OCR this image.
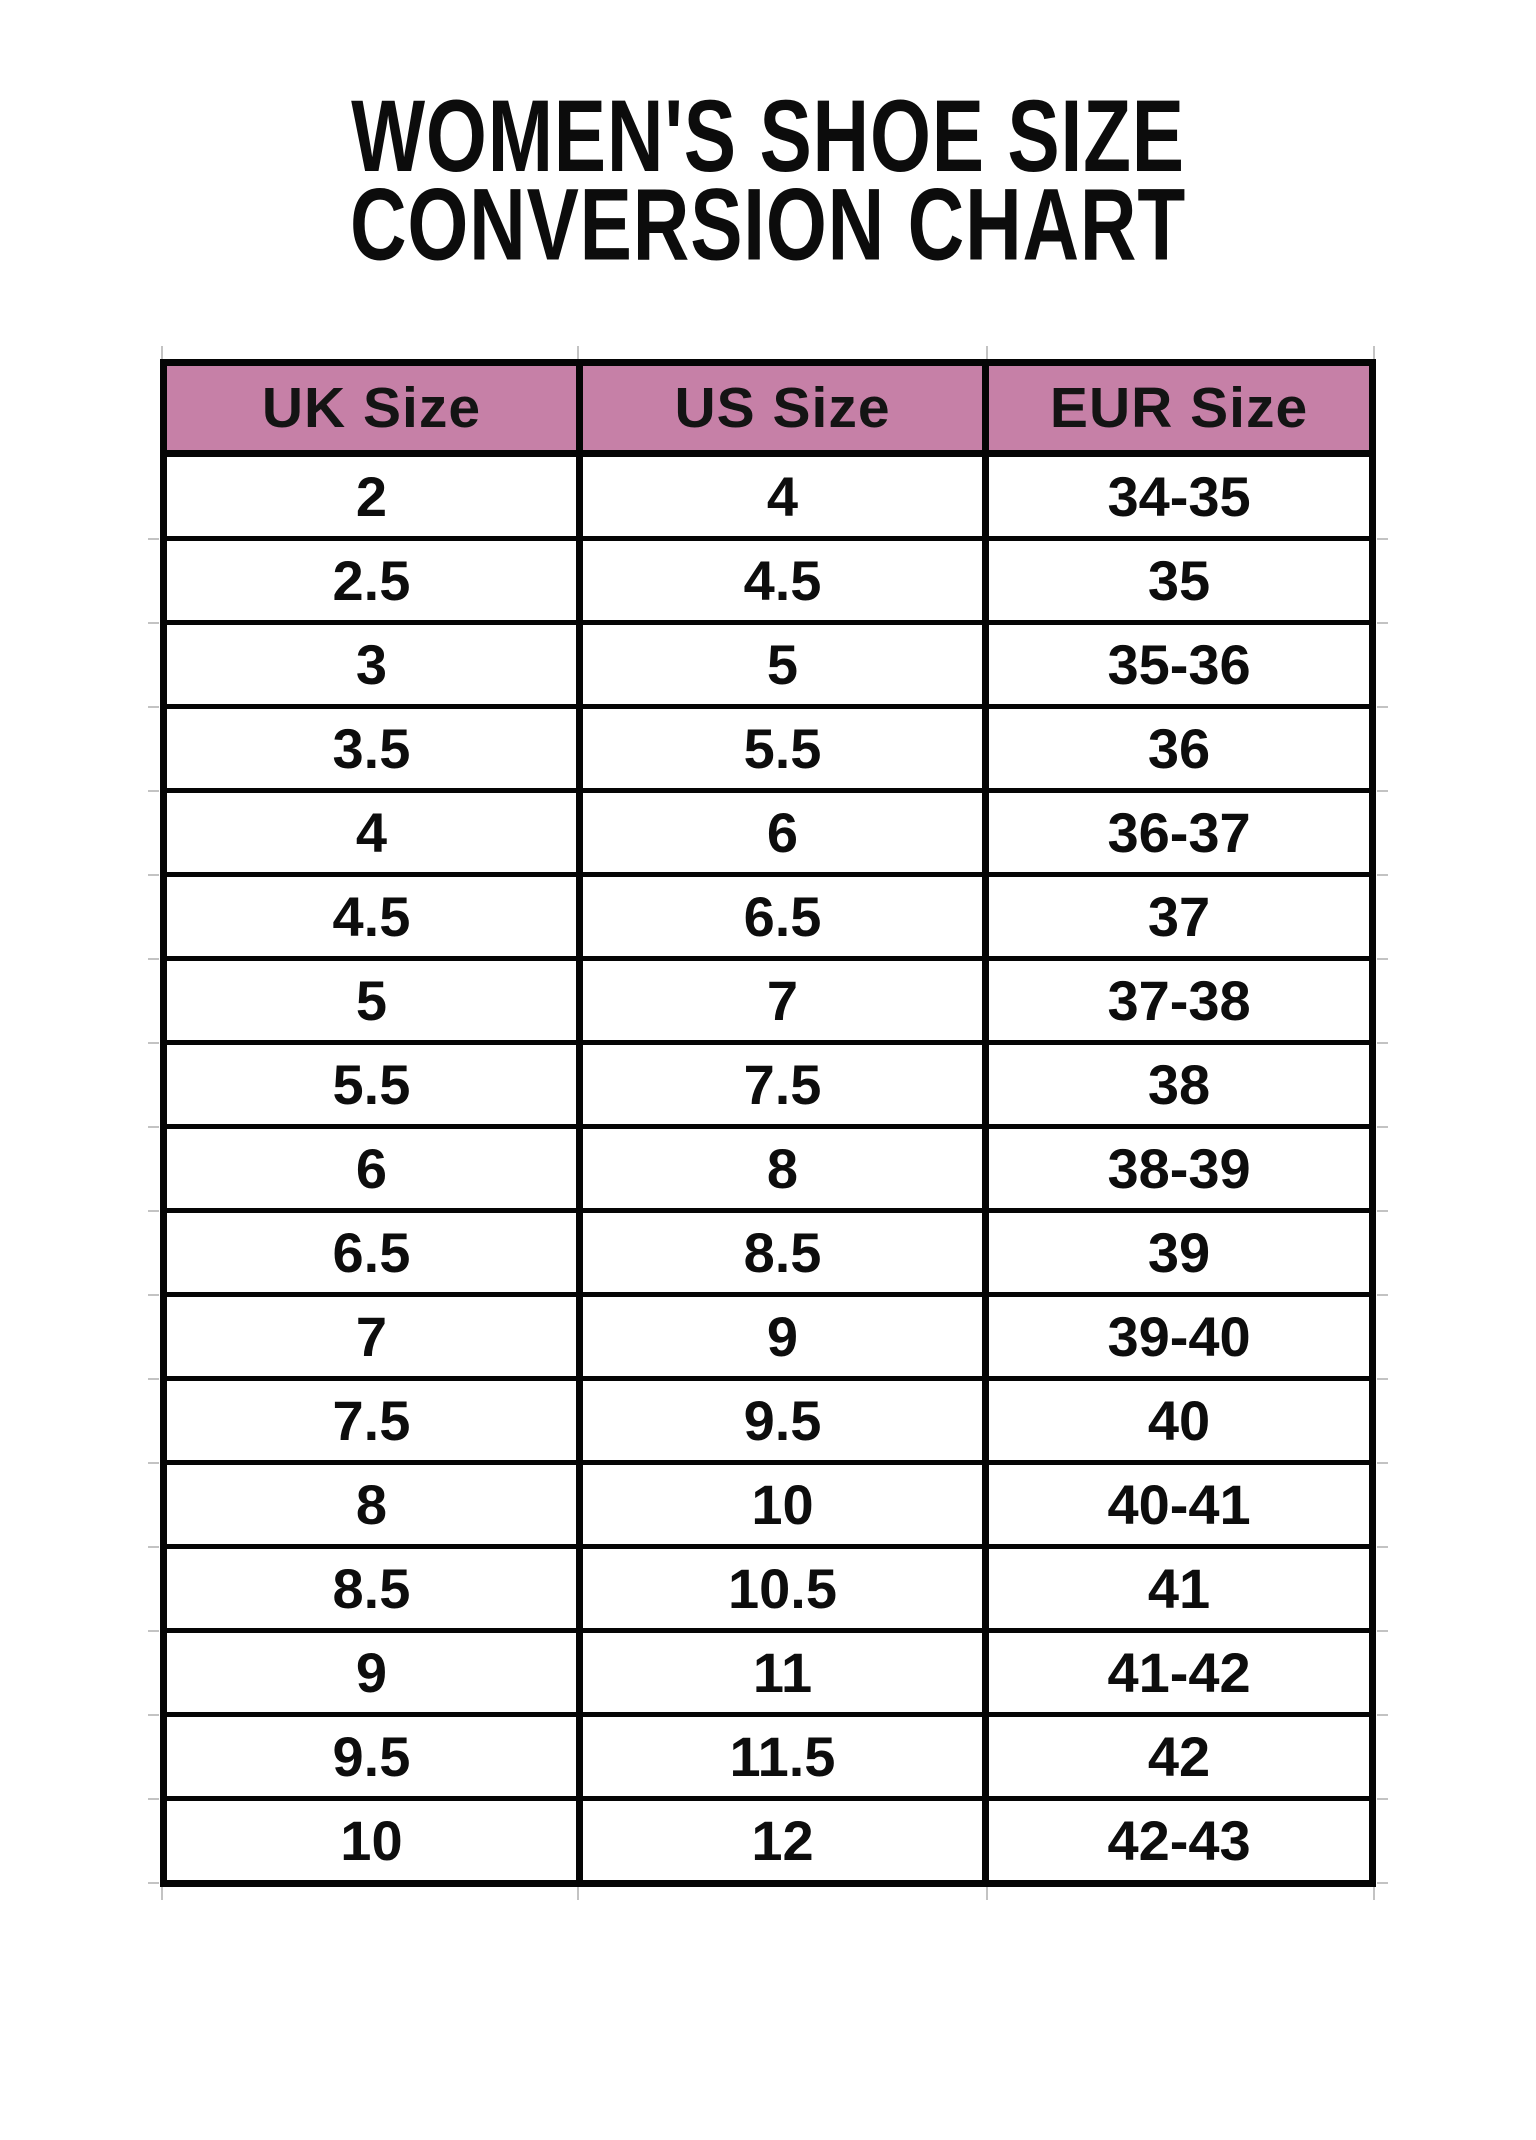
WOMEN'S SHOE SIZE
CONVERSION CHART
UK Size	US Size	EUR Size
2	4	34-35
2.5	4.5	35
3	5	35-36
3.5	5.5	36
4	6	36-37
4.5	6.5	37
5	7	37-38
5.5	7.5	38
6	8	38-39
6.5	8.5	39
7	9	39-40
7.5	9.5	40
8	10	40-41
8.5	10.5	41
9	11	41-42
9.5	11.5	42
10	12	42-43
